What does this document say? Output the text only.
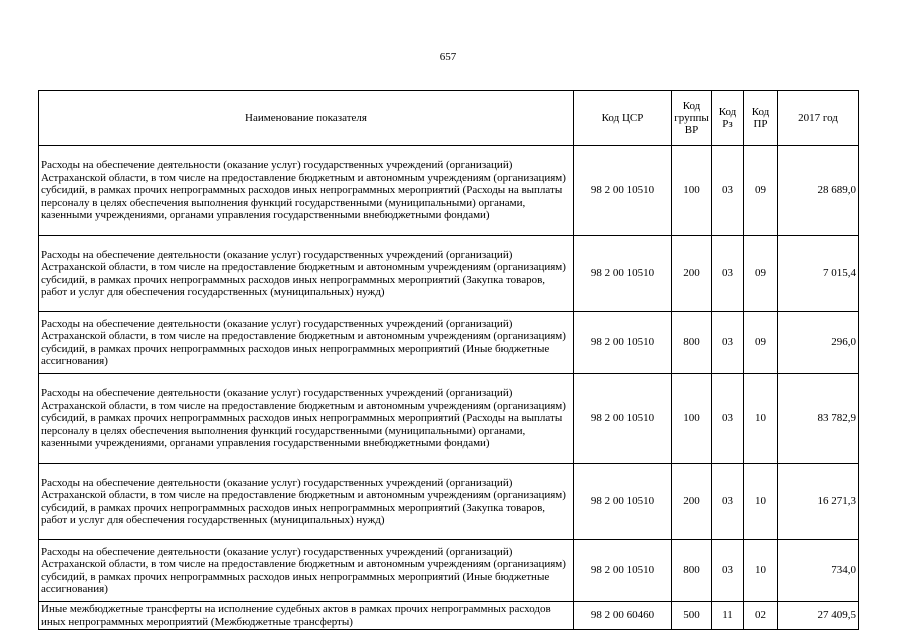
657
Наименование показателя	Код ЦСР	Код группы ВР	Код Рз	Код ПР	2017 год
Расходы на обеспечение деятельности (оказание услуг) государственных учреждений (организаций) Астраханской области, в том числе на предоставление бюджетным и автономным учреждениям (организациям) субсидий, в рамках прочих непрограммных расходов иных непрограммных мероприятий (Расходы на выплаты персоналу в целях обеспечения выполнения функций государственными (муниципальными) органами, казенными учреждениями, органами управления государственными внебюджетными фондами)	98 2 00 10510	100	03	09	28 689,0
Расходы на обеспечение деятельности (оказание услуг) государственных учреждений (организаций) Астраханской области, в том числе на предоставление бюджетным и автономным учреждениям (организациям) субсидий, в рамках прочих непрограммных расходов иных непрограммных мероприятий (Закупка товаров, работ и услуг для обеспечения государственных (муниципальных) нужд)	98 2 00 10510	200	03	09	7 015,4
Расходы на обеспечение деятельности (оказание услуг) государственных учреждений (организаций) Астраханской области, в том числе на предоставление бюджетным и автономным учреждениям (организациям) субсидий, в рамках прочих непрограммных расходов иных непрограммных мероприятий (Иные бюджетные ассигнования)	98 2 00 10510	800	03	09	296,0
Расходы на обеспечение деятельности (оказание услуг) государственных учреждений (организаций) Астраханской области, в том числе на предоставление бюджетным и автономным учреждениям (организациям) субсидий, в рамках прочих непрограммных расходов иных непрограммных мероприятий (Расходы на выплаты персоналу в целях обеспечения выполнения функций государственными (муниципальными) органами, казенными учреждениями, органами управления государственными внебюджетными фондами)	98 2 00 10510	100	03	10	83 782,9
Расходы на обеспечение деятельности (оказание услуг) государственных учреждений (организаций) Астраханской области, в том числе на предоставление бюджетным и автономным учреждениям (организациям) субсидий, в рамках прочих непрограммных расходов иных непрограммных мероприятий (Закупка товаров, работ и услуг для обеспечения государственных (муниципальных) нужд)	98 2 00 10510	200	03	10	16 271,3
Расходы на обеспечение деятельности (оказание услуг) государственных учреждений (организаций) Астраханской области, в том числе на предоставление бюджетным и автономным учреждениям (организациям) субсидий, в рамках прочих непрограммных расходов иных непрограммных мероприятий (Иные бюджетные ассигнования)	98 2 00 10510	800	03	10	734,0
Иные межбюджетные трансферты на исполнение судебных актов в рамках прочих непрограммных расходов иных непрограммных мероприятий (Межбюджетные трансферты)	98 2 00 60460	500	11	02	27 409,5
